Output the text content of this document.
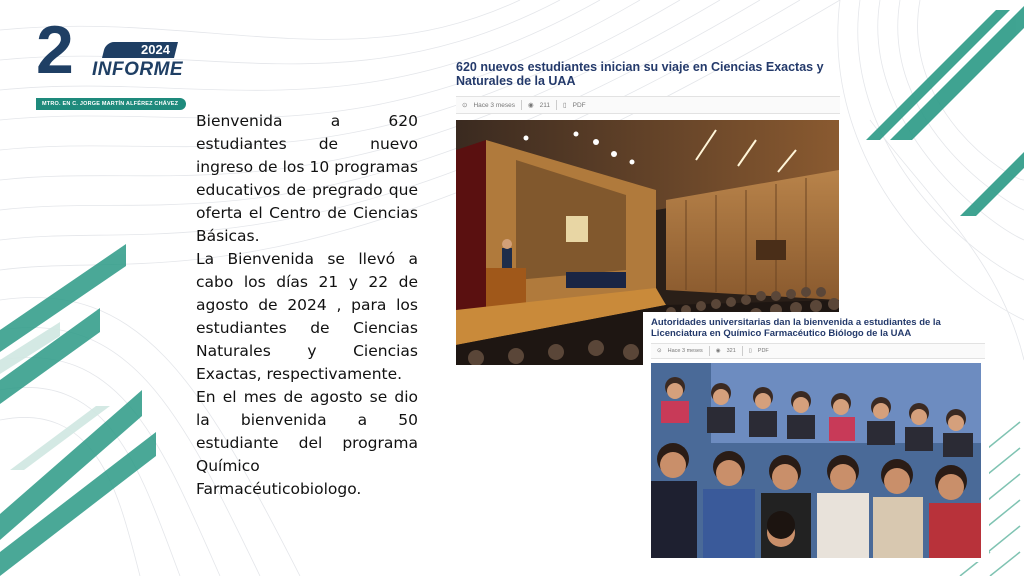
2	2024
INFORME
MTRO. EN C. JORGE MARTÍN ALFÉREZ CHÁVEZ

Bienvenida a 620 estudiantes de nuevo ingreso de los 10 programas educativos de pregrado que oferta el Centro de Ciencias Básicas.

La Bienvenida se llevó a cabo los días 21 y 22 de agosto de 2024 , para los estudiantes de Ciencias Naturales y Ciencias Exactas, respectivamente.

En el mes de agosto se dio la bienvenida a 50 estudiante del programa Químico Farmacéuticobiologo.

620 nuevos estudiantes inician su viaje en Ciencias Exactas y Naturales de la UAA
⊙ Hace 3 meses ◉ 211 ▯ PDF
Autoridades universitarias dan la bienvenida a estudiantes de la Licenciatura en Químico Farmacéutico Biólogo de la UAA
⊙ Hace 3 meses ◉ 321 ▯ PDF
